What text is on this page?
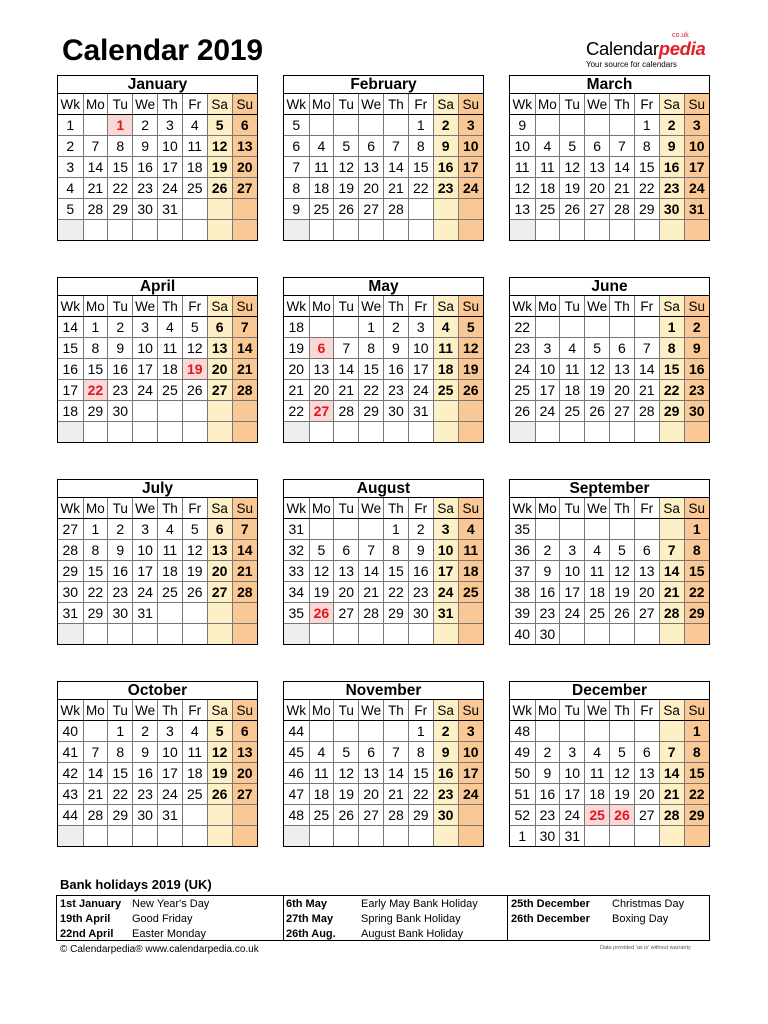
Calendar 2019	Calendarpedia
co.uk
Your source for calendars
January
Wk	Mo	Tu	We	Th	Fr	Sa	Su
1		1	2	3	4	5	6
2	7	8	9	10	11	12	13
3	14	15	16	17	18	19	20
4	21	22	23	24	25	26	27
5	28	29	30	31			

February
Wk	Mo	Tu	We	Th	Fr	Sa	Su
5					1	2	3
6	4	5	6	7	8	9	10
7	11	12	13	14	15	16	17
8	18	19	20	21	22	23	24
9	25	26	27	28			

March
Wk	Mo	Tu	We	Th	Fr	Sa	Su
9					1	2	3
10	4	5	6	7	8	9	10
11	11	12	13	14	15	16	17
12	18	19	20	21	22	23	24
13	25	26	27	28	29	30	31

April
Wk	Mo	Tu	We	Th	Fr	Sa	Su
14	1	2	3	4	5	6	7
15	8	9	10	11	12	13	14
16	15	16	17	18	19	20	21
17	22	23	24	25	26	27	28
18	29	30					

May
Wk	Mo	Tu	We	Th	Fr	Sa	Su
18			1	2	3	4	5
19	6	7	8	9	10	11	12
20	13	14	15	16	17	18	19
21	20	21	22	23	24	25	26
22	27	28	29	30	31		

June
Wk	Mo	Tu	We	Th	Fr	Sa	Su
22						1	2
23	3	4	5	6	7	8	9
24	10	11	12	13	14	15	16
25	17	18	19	20	21	22	23
26	24	25	26	27	28	29	30

July
Wk	Mo	Tu	We	Th	Fr	Sa	Su
27	1	2	3	4	5	6	7
28	8	9	10	11	12	13	14
29	15	16	17	18	19	20	21
30	22	23	24	25	26	27	28
31	29	30	31				

August
Wk	Mo	Tu	We	Th	Fr	Sa	Su
31				1	2	3	4
32	5	6	7	8	9	10	11
33	12	13	14	15	16	17	18
34	19	20	21	22	23	24	25
35	26	27	28	29	30	31	

September
Wk	Mo	Tu	We	Th	Fr	Sa	Su
35							1
36	2	3	4	5	6	7	8
37	9	10	11	12	13	14	15
38	16	17	18	19	20	21	22
39	23	24	25	26	27	28	29
40	30						
October
Wk	Mo	Tu	We	Th	Fr	Sa	Su
40		1	2	3	4	5	6
41	7	8	9	10	11	12	13
42	14	15	16	17	18	19	20
43	21	22	23	24	25	26	27
44	28	29	30	31			

November
Wk	Mo	Tu	We	Th	Fr	Sa	Su
44					1	2	3
45	4	5	6	7	8	9	10
46	11	12	13	14	15	16	17
47	18	19	20	21	22	23	24
48	25	26	27	28	29	30	

December
Wk	Mo	Tu	We	Th	Fr	Sa	Su
48							1
49	2	3	4	5	6	7	8
50	9	10	11	12	13	14	15
51	16	17	18	19	20	21	22
52	23	24	25	26	27	28	29
1	30	31					
Bank holidays 2019 (UK)
1st January New Year's Day
19th April Good Friday
22nd April Easter Monday
6th May	Early May Bank Holiday
27th May	Spring Bank Holiday
26th Aug. August Bank Holiday
25th December Christmas Day
26th December Boxing Day
© Calendarpedia® www.calendarpedia.co.uk	Data provided 'as is' without warranty
